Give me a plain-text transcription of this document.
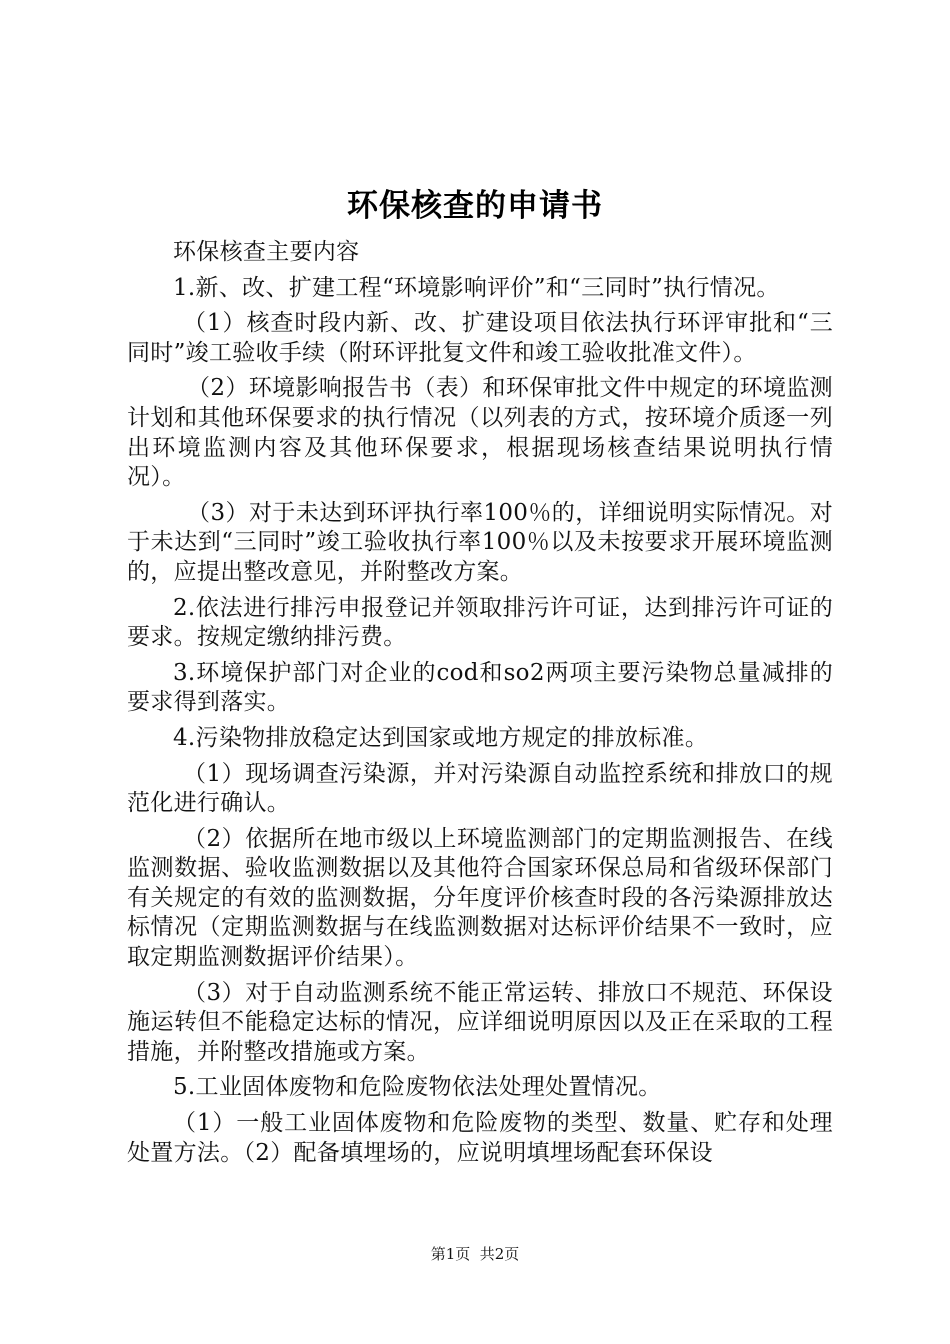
环保核查的申请书

环保核查主要内容

1.新、改、扩建工程“环境影响评价”和“三同时”执行情况。

（1）核查时段内新、改、扩建设项目依法执行环评审批和“三同时”竣工验收手续（附环评批复文件和竣工验收批准文件）。

（2）环境影响报告书（表）和环保审批文件中规定的环境监测计划和其他环保要求的执行情况（以列表的方式，按环境介质逐一列出环境监测内容及其他环保要求，根据现场核查结果说明执行情况）。

（3）对于未达到环评执行率100％的，详细说明实际情况。对于未达到“三同时”竣工验收执行率100％以及未按要求开展环境监测的，应提出整改意见，并附整改方案。

2.依法进行排污申报登记并领取排污许可证，达到排污许可证的要求。按规定缴纳排污费。

3.环境保护部门对企业的cod和so2两项主要污染物总量减排的要求得到落实。

4.污染物排放稳定达到国家或地方规定的排放标准。

（1）现场调查污染源，并对污染源自动监控系统和排放口的规范化进行确认。

（2）依据所在地市级以上环境监测部门的定期监测报告、在线监测数据、验收监测数据以及其他符合国家环保总局和省级环保部门有关规定的有效的监测数据，分年度评价核查时段的各污染源排放达标情况（定期监测数据与在线监测数据对达标评价结果不一致时，应取定期监测数据评价结果）。

（3）对于自动监测系统不能正常运转、排放口不规范、环保设施运转但不能稳定达标的情况，应详细说明原因以及正在采取的工程措施，并附整改措施或方案。

5.工业固体废物和危险废物依法处理处置情况。

（1）一般工业固体废物和危险废物的类型、数量、贮存和处理处置方法。（2）配备填埋场的，应说明填埋场配套环保设

第1页  共2页
